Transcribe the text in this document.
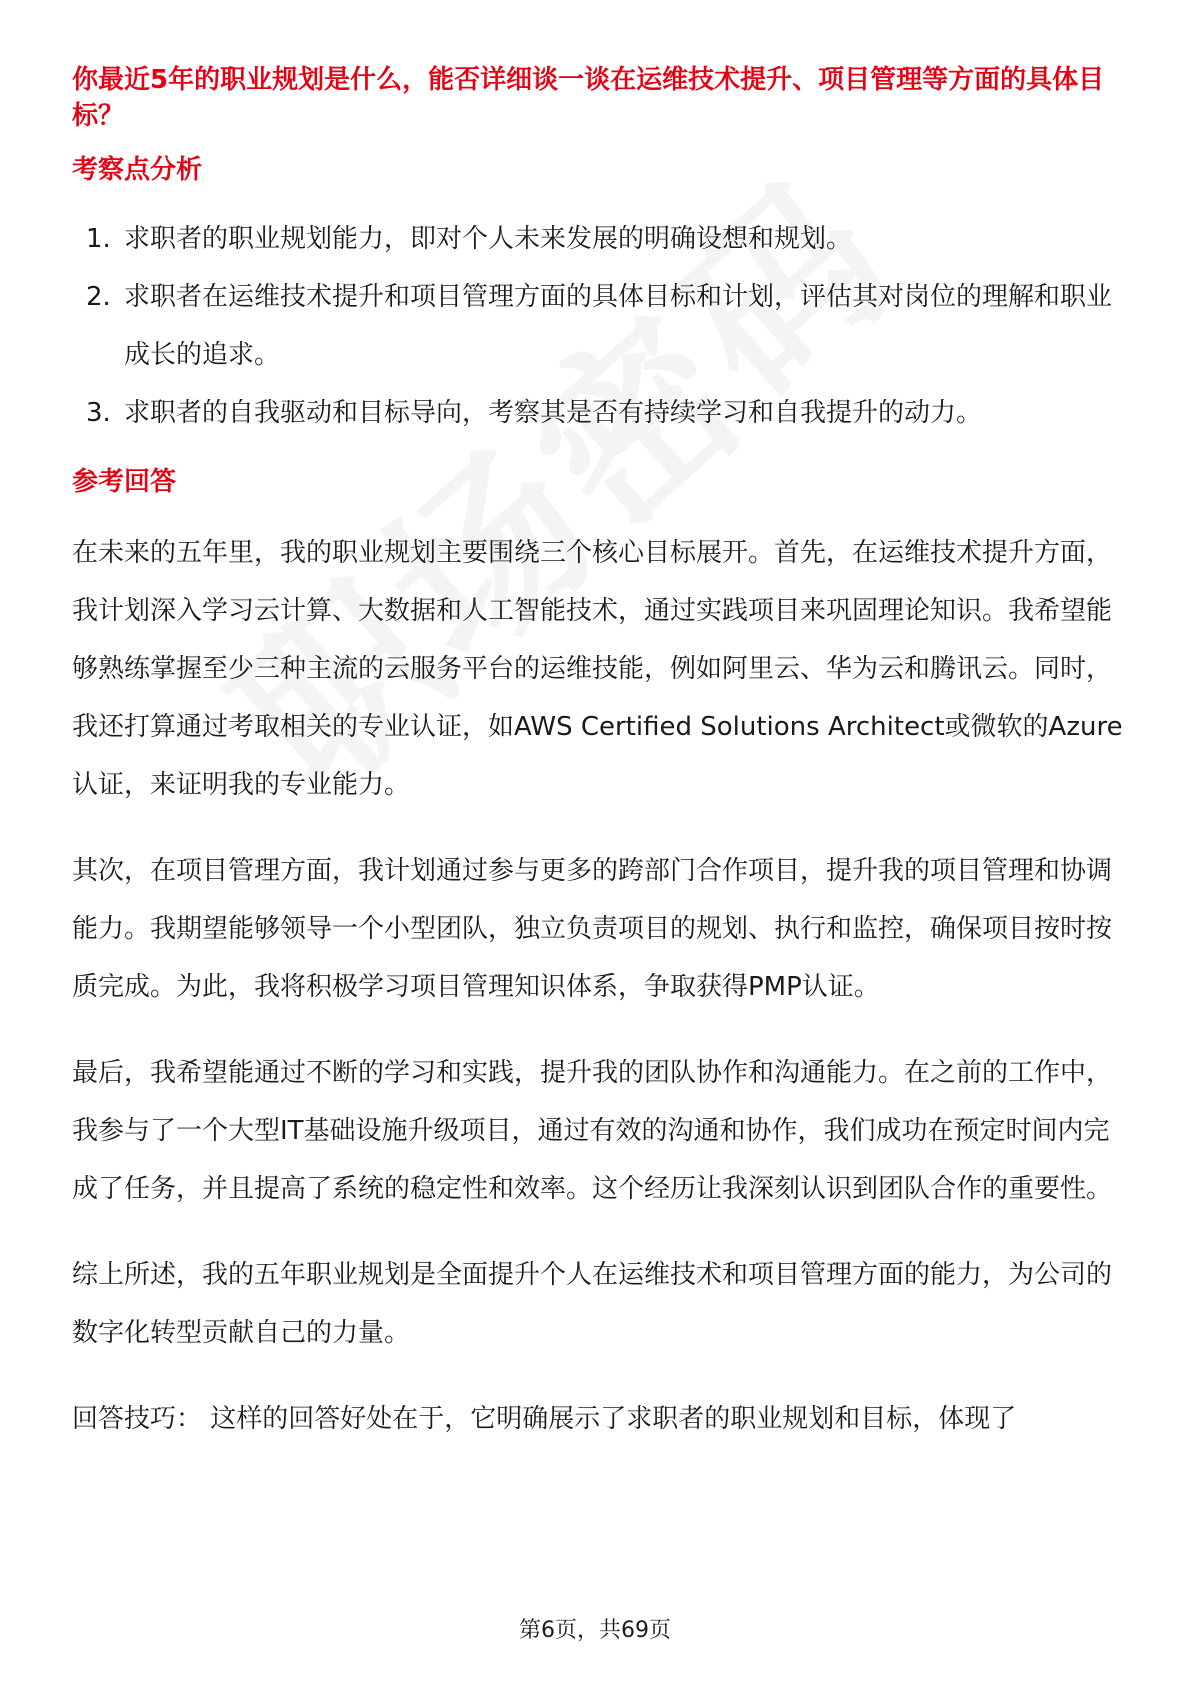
你最近5年的职业规划是什么，能否详细谈一谈在运维技术提升、项目管理等方面的具体目标？

考察点分析

1. 求职者的职业规划能力，即对个人未来发展的明确设想和规划。
2. 求职者在运维技术提升和项目管理方面的具体目标和计划，评估其对岗位的理解和职业成长的追求。
3. 求职者的自我驱动和目标导向，考察其是否有持续学习和自我提升的动力。

参考回答

在未来的五年里，我的职业规划主要围绕三个核心目标展开。首先，在运维技术提升方面，我计划深入学习云计算、大数据和人工智能技术，通过实践项目来巩固理论知识。我希望能够熟练掌握至少三种主流的云服务平台的运维技能，例如阿里云、华为云和腾讯云。同时，我还打算通过考取相关的专业认证，如AWS Certified Solutions Architect或微软的Azure认证，来证明我的专业能力。

其次，在项目管理方面，我计划通过参与更多的跨部门合作项目，提升我的项目管理和协调能力。我期望能够领导一个小型团队，独立负责项目的规划、执行和监控，确保项目按时按质完成。为此，我将积极学习项目管理知识体系，争取获得PMP认证。

最后，我希望能通过不断的学习和实践，提升我的团队协作和沟通能力。在之前的工作中，我参与了一个大型IT基础设施升级项目，通过有效的沟通和协作，我们成功在预定时间内完成了任务，并且提高了系统的稳定性和效率。这个经历让我深刻认识到团队合作的重要性。

综上所述，我的五年职业规划是全面提升个人在运维技术和项目管理方面的能力，为公司的数字化转型贡献自己的力量。

回答技巧： 这样的回答好处在于，它明确展示了求职者的职业规划和目标，体现了

第6页，共69页
